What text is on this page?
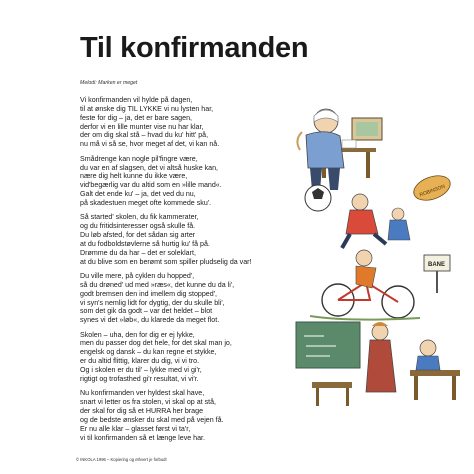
Til konfirmanden
Melodi: Marken er meget
Vi konfirmanden vil hylde på dagen,
til at ønske dig TIL LYKKE vi nu lysten har,
feste for dig – ja, det er bare sagen,
derfor vi en lille munter vise nu har klar,
der om dig skal stå – hvad du ku' hitt' på,
nu må vi så se, hvor meget af det, vi kan nå.
Smådrenge kan nogle pil'fingre være,
du var en af slagsen, det vi altså huske kan,
nære dig helt kunne du ikke være,
vid'begærlig var du altid som en »lille mand«.
Galt det ende ku' – ja, det ved du nu,
på skadestuen meget ofte kommede sku'.
Så started' skolen, du fik kammerater,
og du fritidsinteresser også skulle få.
Du løb afsted, for det sådan sig arter
at du fodboldstøvlerne så hurtig ku' få på.
Drømme du da har – det er soleklart,
at du blive som en berømt som spiller pludselig da var!
Du ville mere, på cyklen du hopped',
så du drøned' ud med »ræs«, det kunne du da li',
godt bremsen den ind imellem dig stopped',
vi syn's nemlig lidt for dygtig, der du skulle bli',
som det gik da godt – var det heldet – blot
synes vi det »løb«, du klarede da meget flot.
Skolen – uha, den for dig er ej lykke,
men du passer dog det hele, for det skal man jo,
engelsk og dansk – du kan regne et stykke,
er du altid flittig, klarer du dig, vi vi tro.
Og i skolen er du til' – lykke med vi gi'r,
rigtigt og trofasthed gi'r resultat, vi vi'r.
Nu konfirmanden ver hyldest skal have,
snart vi letter os fra stolen, vi skal op at stå,
der skal for dig så et HURRA her brage
og de bedste ønsker du skal med på vejen få.
Er nu alle klar – glasset først vi ta'r,
vi til konfirmanden så et længe leve har.
ROBINSON
BANE
© INKOLA 1996 – Kopiering og ethvert je forbudt
